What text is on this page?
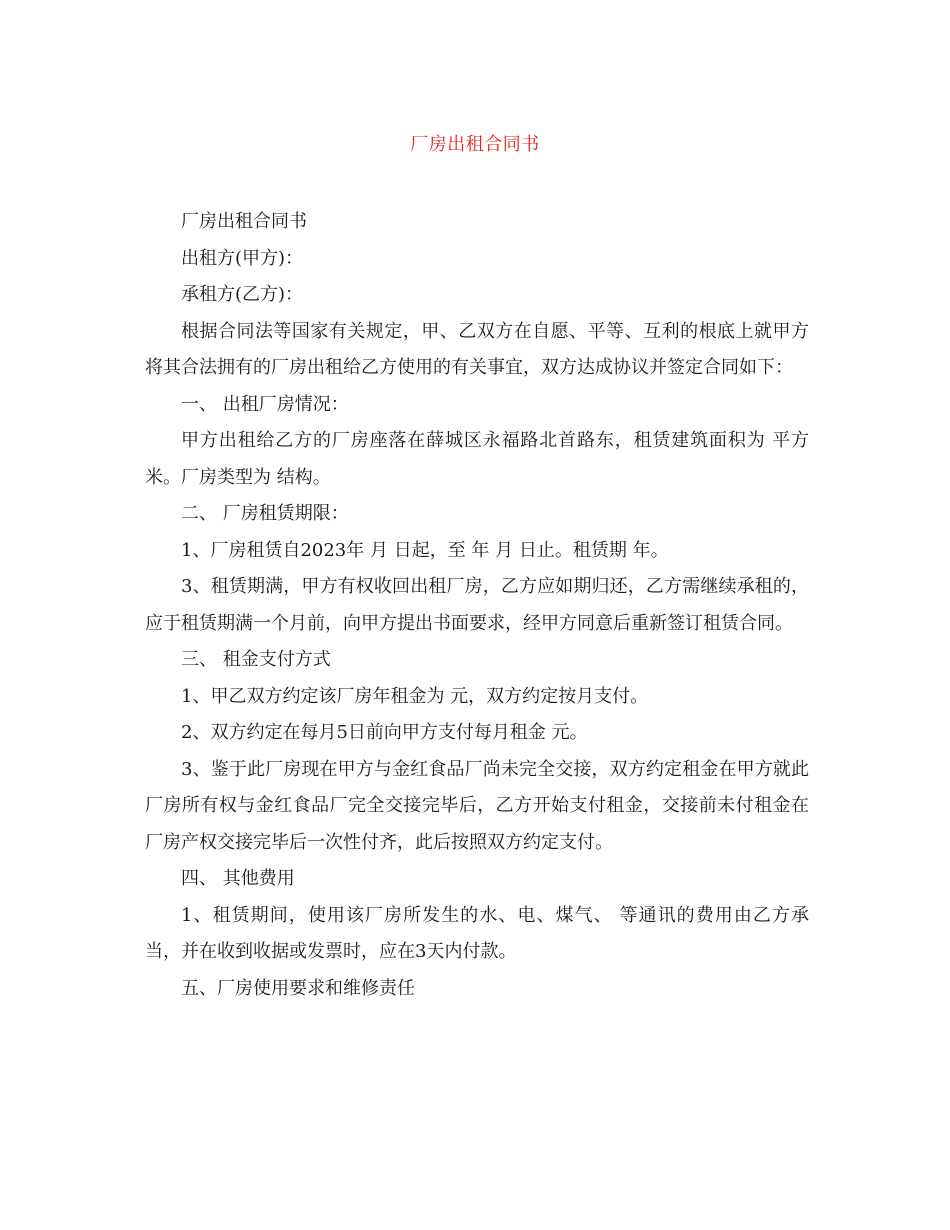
厂房出租合同书

厂房出租合同书

出租方(甲方)：

承租方(乙方)：

根据合同法等国家有关规定，甲、乙双方在自愿、平等、互利的根底上就甲方将其合法拥有的厂房出租给乙方使用的有关事宜，双方达成协议并签定合同如下：

一、 出租厂房情况：

甲方出租给乙方的厂房座落在薛城区永福路北首路东，租赁建筑面积为 平方米。厂房类型为 结构。

二、 厂房租赁期限：

1、厂房租赁自2023年 月 日起，至 年 月 日止。租赁期 年。

3、租赁期满，甲方有权收回出租厂房，乙方应如期归还，乙方需继续承租的，应于租赁期满一个月前，向甲方提出书面要求，经甲方同意后重新签订租赁合同。

三、 租金支付方式

1、甲乙双方约定该厂房年租金为 元，双方约定按月支付。

2、双方约定在每月5日前向甲方支付每月租金 元。

3、鉴于此厂房现在甲方与金红食品厂尚未完全交接，双方约定租金在甲方就此厂房所有权与金红食品厂完全交接完毕后，乙方开始支付租金，交接前未付租金在厂房产权交接完毕后一次性付齐，此后按照双方约定支付。

四、 其他费用

1、租赁期间，使用该厂房所发生的水、电、煤气、 等通讯的费用由乙方承当，并在收到收据或发票时，应在3天内付款。

五、厂房使用要求和维修责任
